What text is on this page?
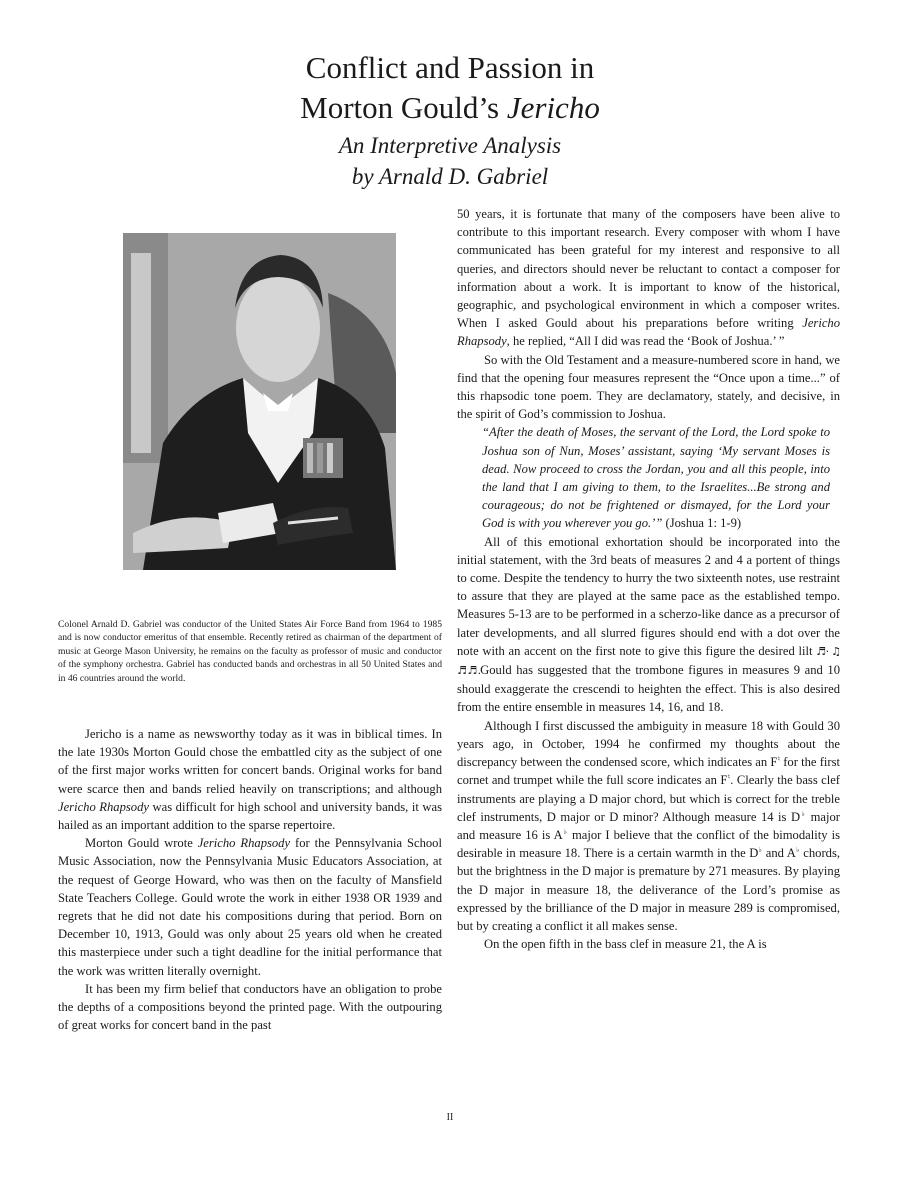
Conflict and Passion in
Morton Gould’s Jericho
An Interpretive Analysis
by Arnald D. Gabriel
Colonel Arnald D. Gabriel was conductor of the United States Air Force Band from 1964 to 1985 and is now conductor emeritus of that ensemble. Recently retired as chairman of the department of music at George Mason University, he remains on the faculty as professor of music and conductor of the symphony orchestra. Gabriel has conducted bands and orchestras in all 50 United States and in 46 countries around the world.

Jericho is a name as newsworthy today as it was in biblical times. In the late 1930s Morton Gould chose the embattled city as the subject of one of the first major works written for concert bands. Original works for band were scarce then and bands relied heavily on transcriptions; and although Jericho Rhapsody was difficult for high school and university bands, it was hailed as an important addition to the sparse repertoire.

Morton Gould wrote Jericho Rhapsody for the Pennsylvania School Music Association, now the Pennsylvania Music Educators Association, at the request of George Howard, who was then on the faculty of Mansfield State Teachers College. Gould wrote the work in either 1938 OR 1939 and regrets that he did not date his compositions during that period. Born on December 10, 1913, Gould was only about 25 years old when he created this masterpiece under such a tight deadline for the initial performance that the work was written literally overnight.

It has been my firm belief that conductors have an obligation to probe the depths of a compositions beyond the printed page. With the outpouring of great works for concert band in the past

50 years, it is fortunate that many of the composers have been alive to contribute to this important research. Every composer with whom I have communicated has been grateful for my interest and responsive to all queries, and directors should never be reluctant to contact a composer for information about a work. It is important to know of the historical, geographic, and psychological environment in which a composer writes. When I asked Gould about his preparations before writing Jericho Rhapsody, he replied, “All I did was read the ‘Book of Joshua.’ ”

So with the Old Testament and a measure-numbered score in hand, we find that the opening four measures represent the “Once upon a time...” of this rhapsodic tone poem. They are declamatory, stately, and decisive, in the spirit of God’s commission to Joshua.

“After the death of Moses, the servant of the Lord, the Lord spoke to Joshua son of Nun, Moses’ assistant, saying ‘My servant Moses is dead. Now proceed to cross the Jordan, you and all this people, into the land that I am giving to them, to the Israelites...Be strong and courageous; do not be frightened or dismayed, for the Lord your God is with you wherever you go.’” (Joshua 1: 1-9)

All of this emotional exhortation should be incorporated into the initial statement, with the 3rd beats of measures 2 and 4 a portent of things to come. Despite the tendency to hurry the two sixteenth notes, use restraint to assure that they are played at the same pace as the established tempo. Measures 5-13 are to be performed in a scherzo-like dance as a precursor of later developments, and all slurred figures should end with a dot over the note with an accent on the first note to give this figure the desired lilt ♬· ♫ ♬♬.Gould has suggested that the trombone figures in measures 9 and 10 should exaggerate the crescendi to heighten the effect. This is also desired from the entire ensemble in measures 14, 16, and 18.

Although I first discussed the ambiguity in measure 18 with Gould 30 years ago, in October, 1994 he confirmed my thoughts about the discrepancy between the condensed score, which indicates an F♮ for the first cornet and trumpet while the full score indicates an F♮. Clearly the bass clef instruments are playing a D major chord, but which is correct for the treble clef instruments, D major or D minor? Although measure 14 is D♭ major and measure 16 is A♭ major I believe that the conflict of the bimodality is desirable in measure 18. There is a certain warmth in the D♭ and A♭ chords, but the brightness in the D major is premature by 271 measures. By playing the D major in measure 18, the deliverance of the Lord’s promise as expressed by the brilliance of the D major in measure 289 is compromised, but by creating a conflict it all makes sense.

On the open fifth in the bass clef in measure 21, the A is

II
